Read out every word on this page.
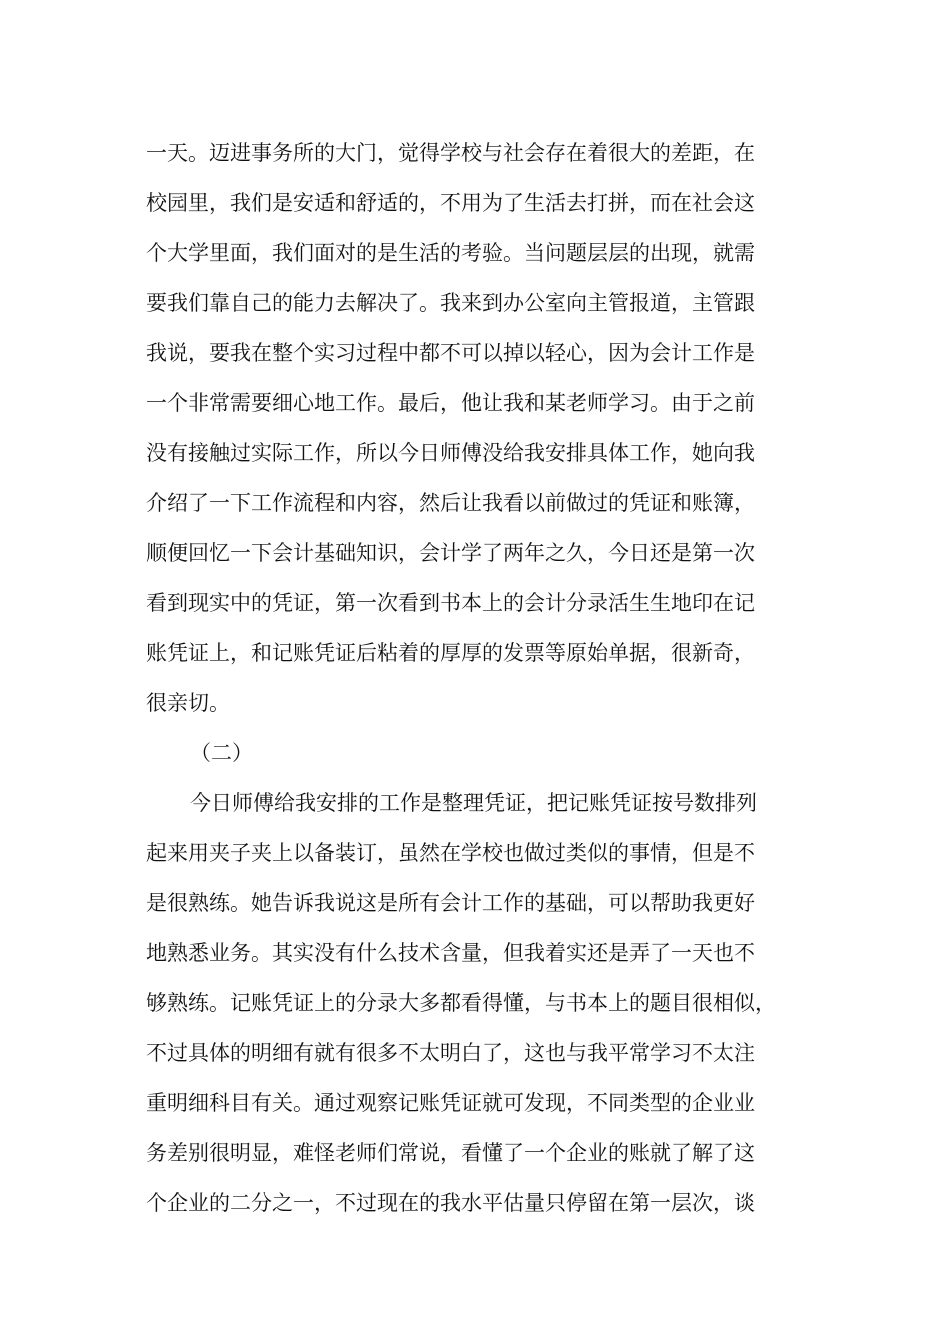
一天。迈进事务所的大门，觉得学校与社会存在着很大的差距，在
校园里，我们是安适和舒适的，不用为了生活去打拼，而在社会这
个大学里面，我们面对的是生活的考验。当问题层层的出现，就需
要我们靠自己的能力去解决了。我来到办公室向主管报道，主管跟
我说，要我在整个实习过程中都不可以掉以轻心，因为会计工作是
一个非常需要细心地工作。最后，他让我和某老师学习。由于之前
没有接触过实际工作，所以今日师傅没给我安排具体工作，她向我
介绍了一下工作流程和内容，然后让我看以前做过的凭证和账簿，
顺便回忆一下会计基础知识，会计学了两年之久，今日还是第一次
看到现实中的凭证，第一次看到书本上的会计分录活生生地印在记
账凭证上，和记账凭证后粘着的厚厚的发票等原始单据，很新奇，
很亲切。
（二）
今日师傅给我安排的工作是整理凭证，把记账凭证按号数排列
起来用夹子夹上以备装订，虽然在学校也做过类似的事情，但是不
是很熟练。她告诉我说这是所有会计工作的基础，可以帮助我更好
地熟悉业务。其实没有什么技术含量，但我着实还是弄了一天也不
够熟练。记账凭证上的分录大多都看得懂，与书本上的题目很相似，
不过具体的明细有就有很多不太明白了，这也与我平常学习不太注
重明细科目有关。通过观察记账凭证就可发现，不同类型的企业业
务差别很明显，难怪老师们常说，看懂了一个企业的账就了解了这
个企业的二分之一，不过现在的我水平估量只停留在第一层次，谈
